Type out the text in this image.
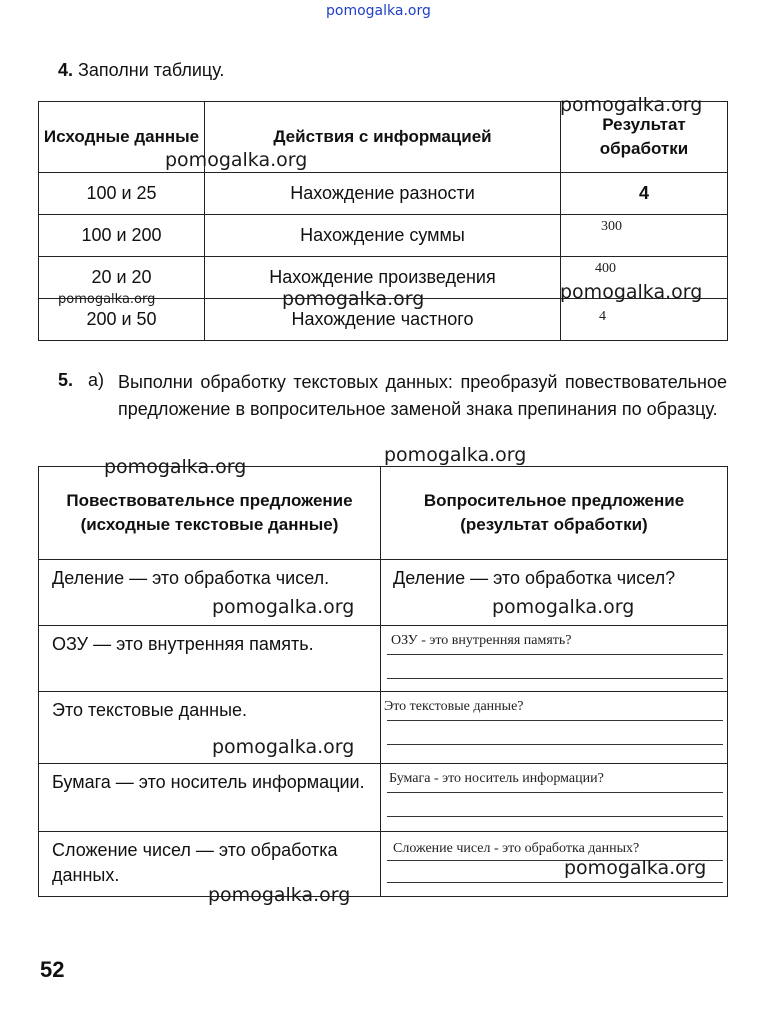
pomogalka.org
4. Заполни таблицу.
Исходные данные	Действия с информацией	Результат обработки
100 и 25	Нахождение разности	4
100 и 200	Нахождение суммы	300

20 и 20	Нахождение произведения	400

200 и 50	Нахождение частного	4
pomogalka.org
pomogalka.org
pomogalka.org
pomogalka.org
pomogalka.org
5. а) Выполни обработку текстовых данных: преобразуй повествовательное предложение в вопросительное заменой знака препинания по образцу.
Повествовательнсе предложение (исходные текстовые данные)	Вопросительное предложение (результат обработки)
Деление — это обработка чисел.	Деление — это обработка чисел?
ОЗУ — это внутренняя память.	ОЗУ - это внутренняя память?

Это текстовые данные.	Это текстовые данные?

Бумага — это носитель информации.	Бумага - это носитель информации?

Сложение чисел — это обработка данных.	Сложение чисел - это обработка данных?
pomogalka.org
pomogalka.org
pomogalka.org	pomogalka.org
pomogalka.org
pomogalka.org
pomogalka.org
52
